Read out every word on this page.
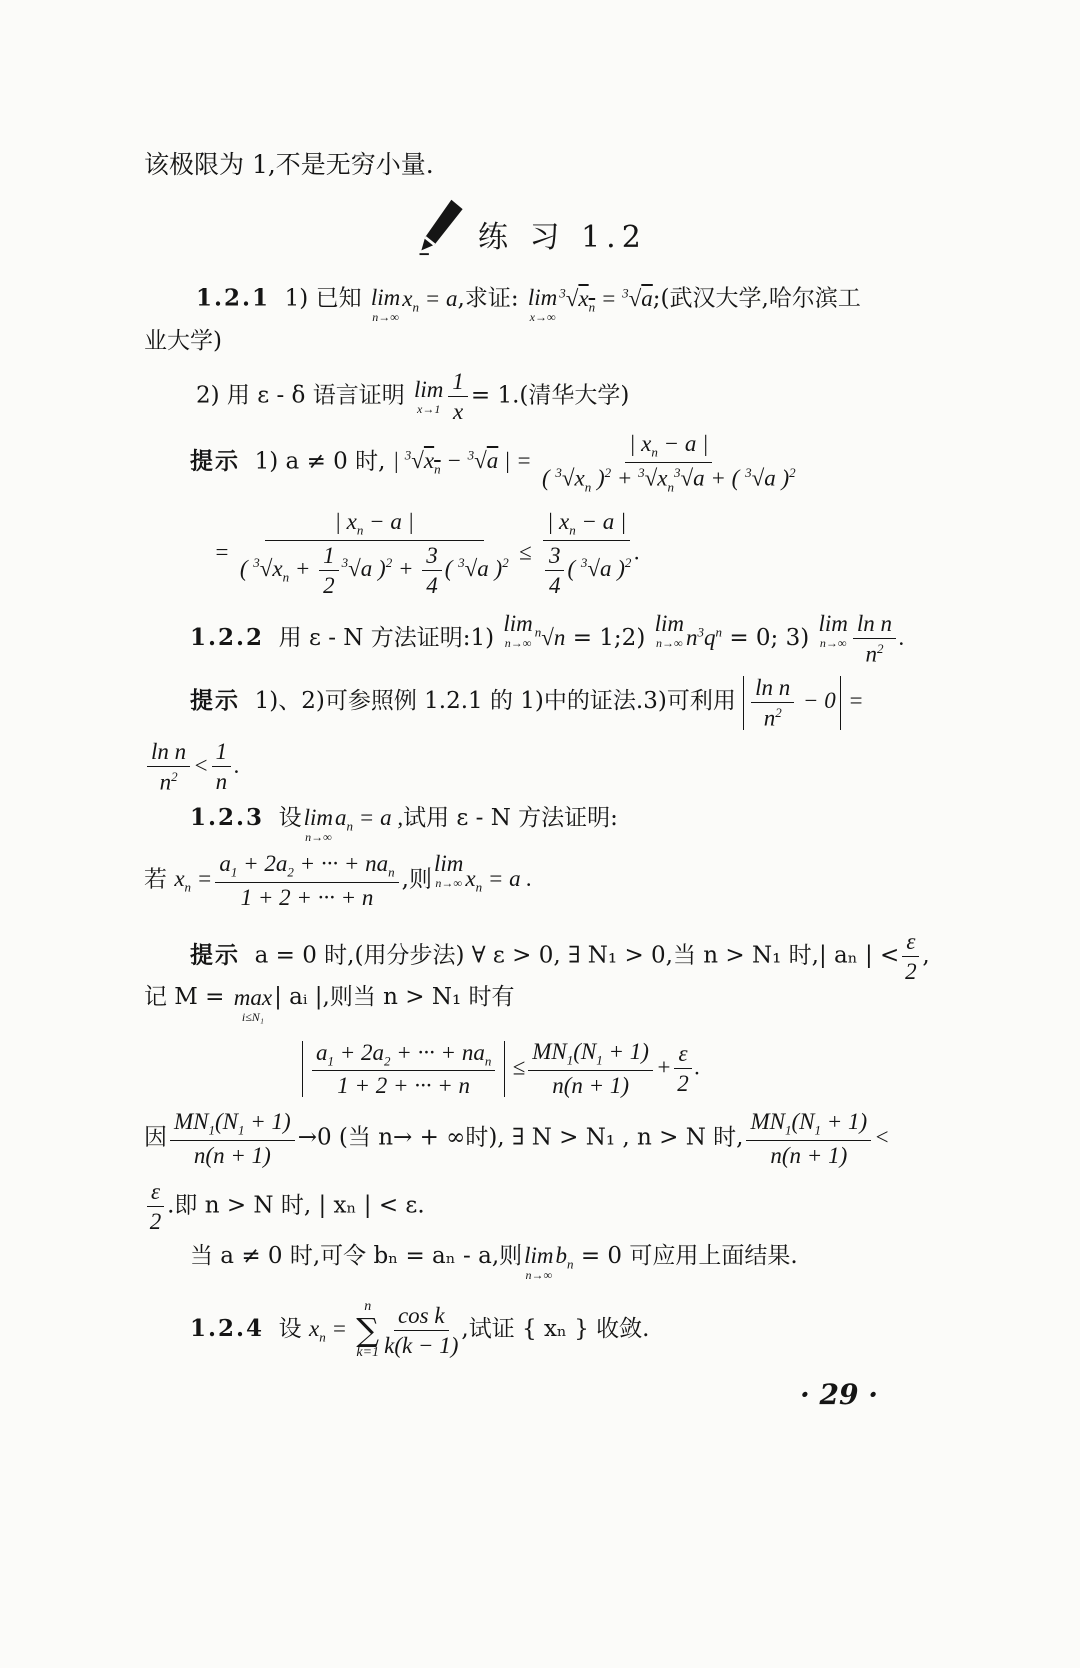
该极限为 1,不是无穷小量.
练 习 1.2
1.2.1 1) 已知 lim
n→∞
$x_n = a$,求证: lim
x→∞
$^3√x_n$ = $^3$√a;(武汉大学,哈尔滨工
业大学)
2) 用 ε - δ 语言证明 lim
$x\to 1 \frac{1}{x} = 1$.(清华大学)
提示 1) a ≠ 0 时, | $^3√x_n - ^3√a$ | = $\frac{| x_n - a |}{( ^3√x_n )^2 + ^3√x_n^3√a + ( ^3√a )^2}$
= $\frac{| x_n - a |}{( ^3√x_n + \frac{1}{2} ^3√a )^2 + \frac{3}{4} ( ^3√a )^2} \le \frac{| x_n - a |}{\frac{3}{4} ( ^3√a )^2}$ .
1.2.2 用 ε - N 方法证明:1)
lim
n→∞
$^n$√n = 1;2)
lim
n→∞ $n^3q^n = 0$; 3)
lim
$n\to\infty \frac{\text{ln n}}{n^2}$ .
提示 1)、2)可参照例 1.2.1 的 1)中的证法.3)可利用 $\frac{\text{ln n}}{n^2} - 0$ =
$\frac{\text{ln n}}{n^2} < \frac{1}{n}$ .
1.2.3 设 lim
n→∞
$a_n = a$ ,试用 ε - N 方法证明:
若 $x_n = \frac{a_1 + 2a_2 + \cdot\cdot\cdot + na_n}{1 + 2 + \cdot\cdot\cdot + n}$ ,则
lim
n→∞ $x_n = a$ .
提示 a = 0 时,(用分步法) ∀ ε > 0, ∃ N₁ > 0,当 n > N₁ 时,| aₙ | < $\frac{\varepsilon}{2}$ ,
记 M = max
i≤N₁
| aᵢ |,则当 n > N₁ 时有
$\frac{a_1 + 2a_2 + \cdot\cdot\cdot + na_n}{1 + 2 + \cdot\cdot\cdot + n} \le \frac{MN_1(N_1 + 1)}{n(n + 1)} + \frac{\varepsilon}{2}$ .
因 $\frac{MN_1(N_1 + 1)}{n(n + 1)} \to 0$ (当 n→ + ∞时), ∃ N > N₁ , n > N 时, $\frac{MN_1(N_1 + 1)}{n(n + 1)}$ <
$\frac{\varepsilon}{2}$ .即 n > N 时, | xₙ | < ε.
当 a ≠ 0 时,可令 bₙ = aₙ - a,则 lim
n→∞
$b_n = 0$ 可应用上面结果.
1.2.4 设 $x_n$ =
n
∑
$k=1 \frac{\text{cos k}}{k(k - 1)}$ ,试证 { xₙ } 收敛.
· 29 ·
